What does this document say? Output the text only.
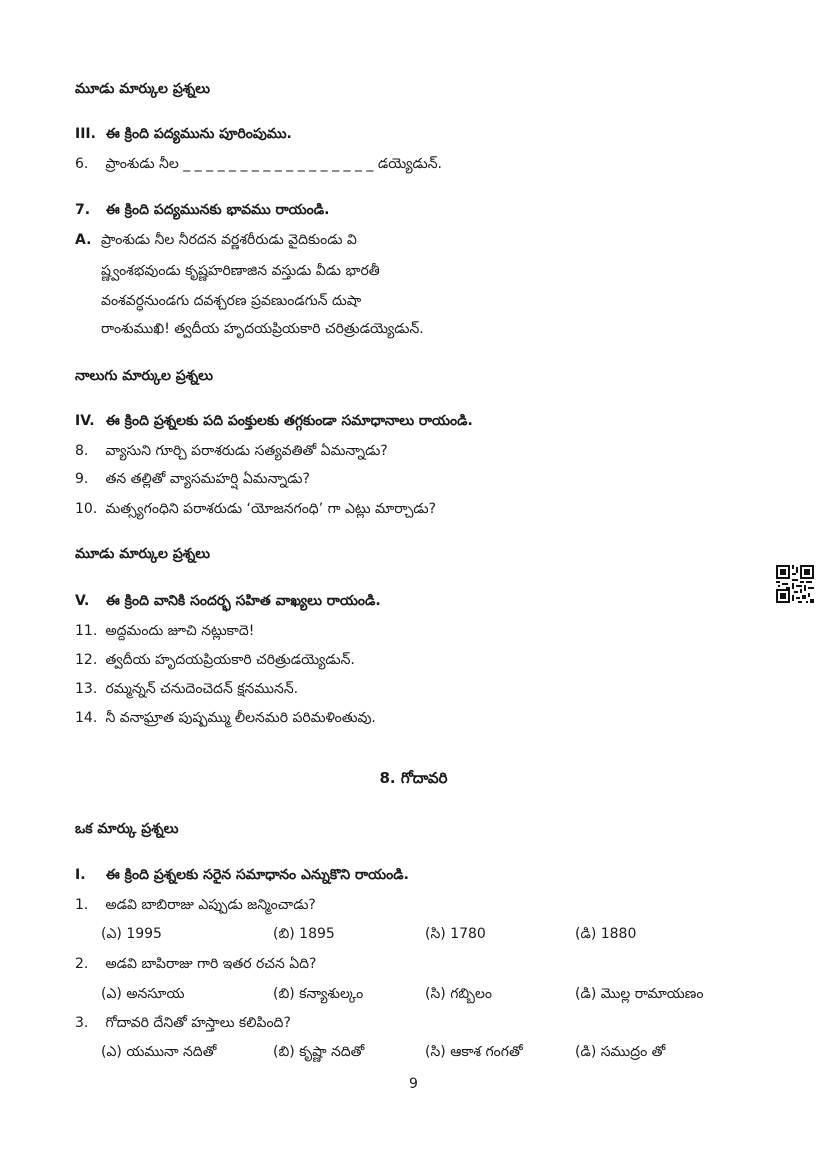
మూడు మార్కుల ప్రశ్నలు
III. ఈ క్రింది పద్యమును పూరింపుము.
6. ప్రాంశుడు నీల _ _ _ _ _ _ _ _ _ _ _ _ _ _ _ _ _ డయ్యెడున్.
7. ఈ క్రింది పద్యమునకు భావము రాయండి.
A. ప్రాంశుడు నీల నీరదన వర్ణశరీరుడు వైదికుండు వి
ష్ణ్వంశభవుండు కృష్ణహరిణాజిన వస్తుడు వీడు భారతీ
వంశవర్ధనుండగు దవశ్చరణ ప్రవణుండగున్ దుషా
రాంశుముఖి! త్వదీయ హృదయప్రియకారి చరిత్రుడయ్యెడున్.
నాలుగు మార్కుల ప్రశ్నలు
IV. ఈ క్రింది ప్రశ్నలకు పది పంక్తులకు తగ్గకుండా సమాధానాలు రాయండి.
8. వ్యాసుని గూర్చి పరాశరుడు సత్యవతితో ఏమన్నాడు?
9. తన తల్లితో వ్యాసమహర్షి ఏమన్నాడు?
10. మత్స్యగంధిని పరాశరుడు ‘యోజనగంధి’ గా ఎట్లు మార్చాడు?
మూడు మార్కుల ప్రశ్నలు
V. ఈ క్రింది వానికి సందర్భ సహిత వాఖ్యలు రాయండి.
11. అద్దమందు జూచి నట్లుకాదె!
12. త్వదీయ హృదయప్రియకారి చరిత్రుడయ్యెడున్.
13. రమ్మన్నన్ చనుదెంచెదన్ క్షనమునన్.
14. నీ వనాఘ్రాత పుష్పమ్ము లీలనమరి పరిమళింతువు.
8. గోదావరి
ఒక మార్కు ప్రశ్నలు
I. ఈ క్రింది ప్రశ్నలకు సరైన సమాధానం ఎన్నుకొని రాయండి.
1. అడవి బాబిరాజు ఎప్పుడు జన్మించాడు?
(ఎ) 1995	(బి) 1895	(సి) 1780	(డి) 1880
2. అడవి బాపిరాజు గారి ఇతర రచన ఏది?
(ఎ) అనసూయ	(బి) కన్యాశుల్కం	(సి) గబ్బిలం	(డి) మొల్ల రామాయణం
3. గోదావరి దేనితో హస్తాలు కలిపింది?
(ఎ) యమునా నదితో	(బి) కృష్ణా నదితో	(సి) ఆకాశ గంగతో	(డి) సముద్రం తో
9
